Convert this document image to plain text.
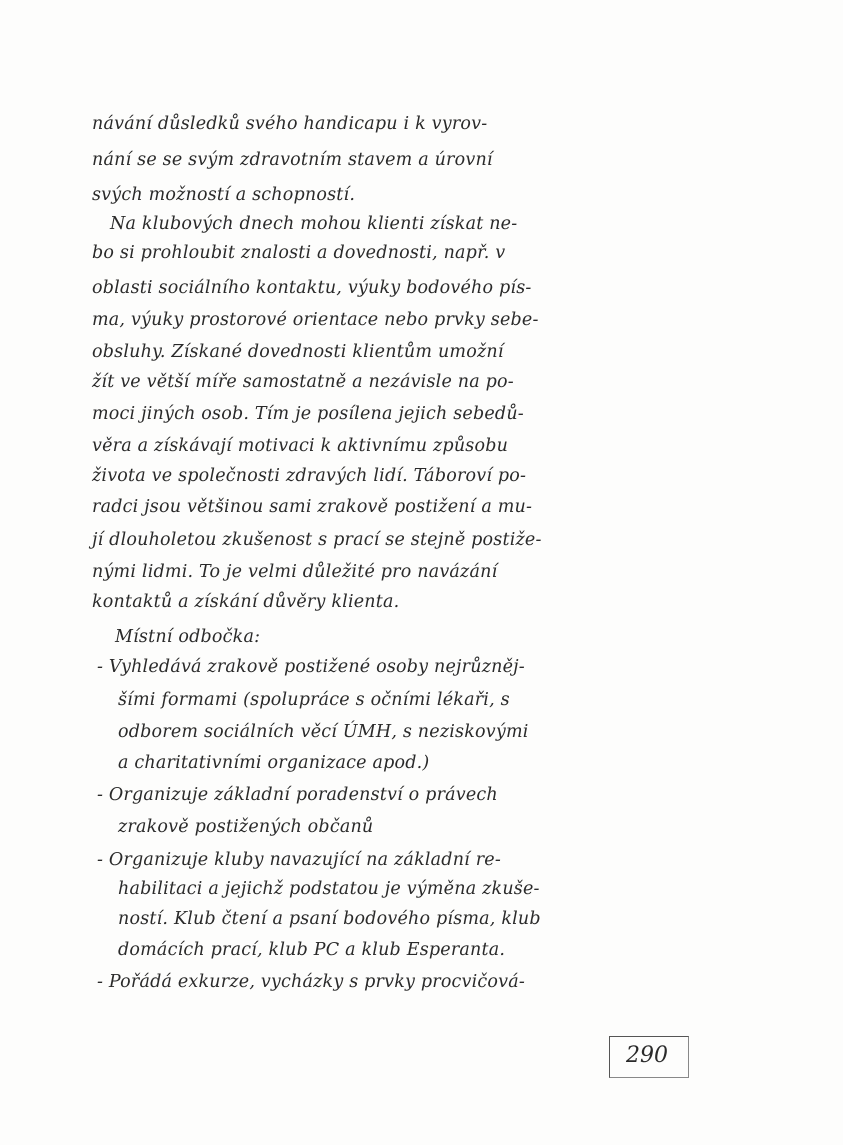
návání důsledků svého handicapu i k vyrov-
nání se se svým zdravotním stavem a úrovní
svých možností a schopností.
Na klubových dnech mohou klienti získat ne-
bo si prohloubit znalosti a dovednosti, např. v
oblasti sociálního kontaktu, výuky bodového pís-
ma, výuky prostorové orientace nebo prvky sebe-
obsluhy. Získané dovednosti klientům umožní
žít ve větší míře samostatně a nezávisle na po-
moci jiných osob. Tím je posílena jejich sebedů-
věra a získávají motivaci k aktivnímu způsobu
života ve společnosti zdravých lidí. Táboroví po-
radci jsou většinou sami zrakově postižení a mu-
jí dlouholetou zkušenost s prací se stejně postiže-
nými lidmi. To je velmi důležité pro navázání
kontaktů a získání důvěry klienta.
Místní odbočka:
- Vyhledává zrakově postižené osoby nejrůzněj-
šími formami (spolupráce s očními lékaři, s
odborem sociálních věcí ÚMH, s neziskovými
a charitativními organizace apod.)
- Organizuje základní poradenství o právech
zrakově postižených občanů
- Organizuje kluby navazující na základní re-
habilitaci a jejichž podstatou je výměna zkuše-
ností. Klub čtení a psaní bodového písma, klub
domácích prací, klub PC a klub Esperanta.
- Pořádá exkurze, vycházky s prvky procvičová-
290
